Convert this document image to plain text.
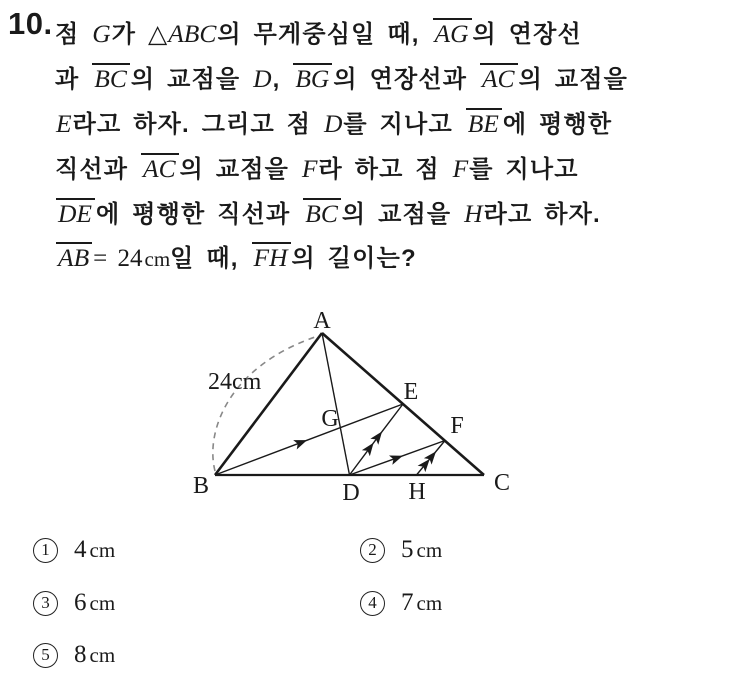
10. 점 G가 △ABC의 무게중심일 때, AG 의 연장선
과 BC 의 교점을 D, BG 의 연장선과 AC 의 교점을
E라고 하자. 그리고 점 D를 지나고 BE 에 평행한
직선과 AC 의 교점을 F라 하고 점 F를 지나고
DE 에 평행한 직선과 BC 의 교점을 H라고 하자.
AB = 24cm일 때, FH 의 길이는?
A
B	C
D
E
F
G
H
24cm
1 4 cm	2 5 cm
3 6 cm	4 7 cm
5 8 cm
